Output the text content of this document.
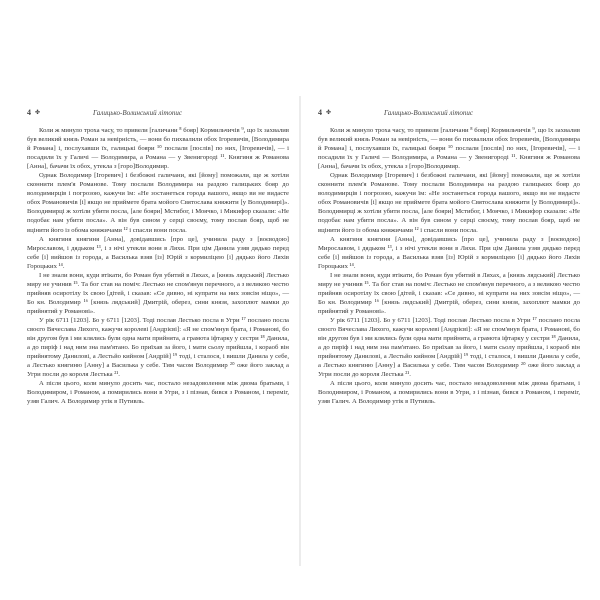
4 ✤	Галицько-Волинський літопис

Коли ж минуло троха часу, то привели [галичани ⁸ бояр] Кормильчичів ⁹, що їх захвалив був великий князь Роман за невірність, — вони бо пихвалили обох Ігоревичів, [Володимира й Романа] і, послухавши їх, галицькі бояри ¹⁰ послали [послів] по них, [Ігоревичів], — і посадили їх у Галичі — Володимира, а Романа — у Звенигороді ¹¹. Княгиня ж Романова [Анна], бачачи їх обох, утекла з [горо]Володимир.

Однак Володимир [Ігоревич] і безбожні галичани, які [йому] поможали, ще ж хотіли сконнити плем'я Романове. Тому послали Володимира на раздою галицьких бояр до володимирців і погрозою, кажучи їм: «Не зостанеться города вашого, якщо ви не видасте обох Романовичів [і] якщо не приймете брата мойого Святослава княжити [у Володимирі]». Володимирці ж хотіли убити посла, [але бояри] Мстибог, і Моячко, і Микифор сказали: «Не подобає нам убити посла». А він був сином у серці своєму, тому послав бояр, щоб не вцінити його із обома княжичами ¹² і спасли вони посла.

А княгиня княгиня [Анна], довідавшись [про це], учинила раду з [воєводою] Мирославом, і дядьком ¹³, і з нічі утекли вони в Ляхи. При цім Данила узяв дядько перед себе [і] вийшов із города, а Василька взяв [із] Юрій з кормиліцею [і] дядько його Ляхів Гороцьких ¹⁴.

І не знали вони, куди втікати, бо Роман був убитий в Ляхах, а [князь лядський] Лестько миру не учинив ¹⁵. Та бог став на поміч: Лестько не спом'янув перечного, а з великою честю прийняв осиротілу їх свою [дітей, і сказав: «Се дивно, ні купрати на них зовсім ніщо», — Бо кн. Володимир ¹⁶ [князь лядський] Дмитрій, оберез, сини князя, захоплют мамки до прийнятий у Романові».

У рік 6711 [1203]. Бо у 6711 [1203]. Тоді послав Лестько посла в Угри ¹⁷ послано посла своєго Вячеслава Лихого, кажучи королеві [Андрієві]: «Я не спом'янув брата, і Романові, бо він другом був і ми клялись були одна мати прийнята, а грамота іфтарку у сестри ¹⁸ Данила, а до пиріф і над ним зна пам'ятано. Бо приїхав за його, і мати сьолу прийшла, і кораоб він прийнятому Данилові, а Лестьйо кийном [Андрій] ¹⁹ тоді, і сталося, і вишли Данила у себе, а Лестько княгиню [Анну] а Василька у себе. Тим часом Володимир ²⁰ оже його заклад а Угри посли до короля Лестька ²¹.

А після цього, коли минуло досить час, постало незадоволення між двома братьми, і Володимиром, і Романом, а помирились вони в Угри, з і пізнав, бився з Романом, і переміг, узяв Галич. А Володимир утік в Путивль.

4 ✤	Галицько-Волинський літопис

Коли ж минуло троха часу, то привели [галичани ⁸ бояр] Кормильчичів ⁹, що їх захвалив був великий князь Роман за невірність, — вони бо пихвалили обох Ігоревичів, [Володимира й Романа] і, послухавши їх, галицькі бояри ¹⁰ послали [послів] по них, [Ігоревичів], — і посадили їх у Галичі — Володимира, а Романа — у Звенигороді ¹¹. Княгиня ж Романова [Анна], бачачи їх обох, утекла з [горо]Володимир.

Однак Володимир [Ігоревич] і безбожні галичани, які [йому] поможали, ще ж хотіли сконнити плем'я Романове. Тому послали Володимира на раздою галицьких бояр до володимирців і погрозою, кажучи їм: «Не зостанеться города вашого, якщо ви не видасте обох Романовичів [і] якщо не приймете брата мойого Святослава княжити [у Володимирі]». Володимирці ж хотіли убити посла, [але бояри] Мстибог, і Моячко, і Микифор сказали: «Не подобає нам убити посла». А він був сином у серці своєму, тому послав бояр, щоб не вцінити його із обома княжичами ¹² і спасли вони посла.

А княгиня княгиня [Анна], довідавшись [про це], учинила раду з [воєводою] Мирославом, і дядьком ¹³, і з нічі утекли вони в Ляхи. При цім Данила узяв дядько перед себе [і] вийшов із города, а Василька взяв [із] Юрій з кормиліцею [і] дядько його Ляхів Гороцьких ¹⁴.

І не знали вони, куди втікати, бо Роман був убитий в Ляхах, а [князь лядський] Лестько миру не учинив ¹⁵. Та бог став на поміч: Лестько не спом'янув перечного, а з великою честю прийняв осиротілу їх свою [дітей, і сказав: «Се дивно, ні купрати на них зовсім ніщо», — Бо кн. Володимир ¹⁶ [князь лядський] Дмитрій, оберез, сини князя, захоплют мамки до прийнятий у Романові».

У рік 6711 [1203]. Бо у 6711 [1203]. Тоді послав Лестько посла в Угри ¹⁷ послано посла своєго Вячеслава Лихого, кажучи королеві [Андрієві]: «Я не спом'янув брата, і Романові, бо він другом був і ми клялись були одна мати прийнята, а грамота іфтарку у сестри ¹⁸ Данила, а до пиріф і над ним зна пам'ятано. Бо приїхав за його, і мати сьолу прийшла, і кораоб він прийнятому Данилові, а Лестьйо кийном [Андрій] ¹⁹ тоді, і сталося, і вишли Данила у себе, а Лестько княгиню [Анну] а Василька у себе. Тим часом Володимир ²⁰ оже його заклад а Угри посли до короля Лестька ²¹.

А після цього, коли минуло досить час, постало незадоволення між двома братьми, і Володимиром, і Романом, а помирились вони в Угри, з і пізнав, бився з Романом, і переміг, узяв Галич. А Володимир утік в Путивль.
